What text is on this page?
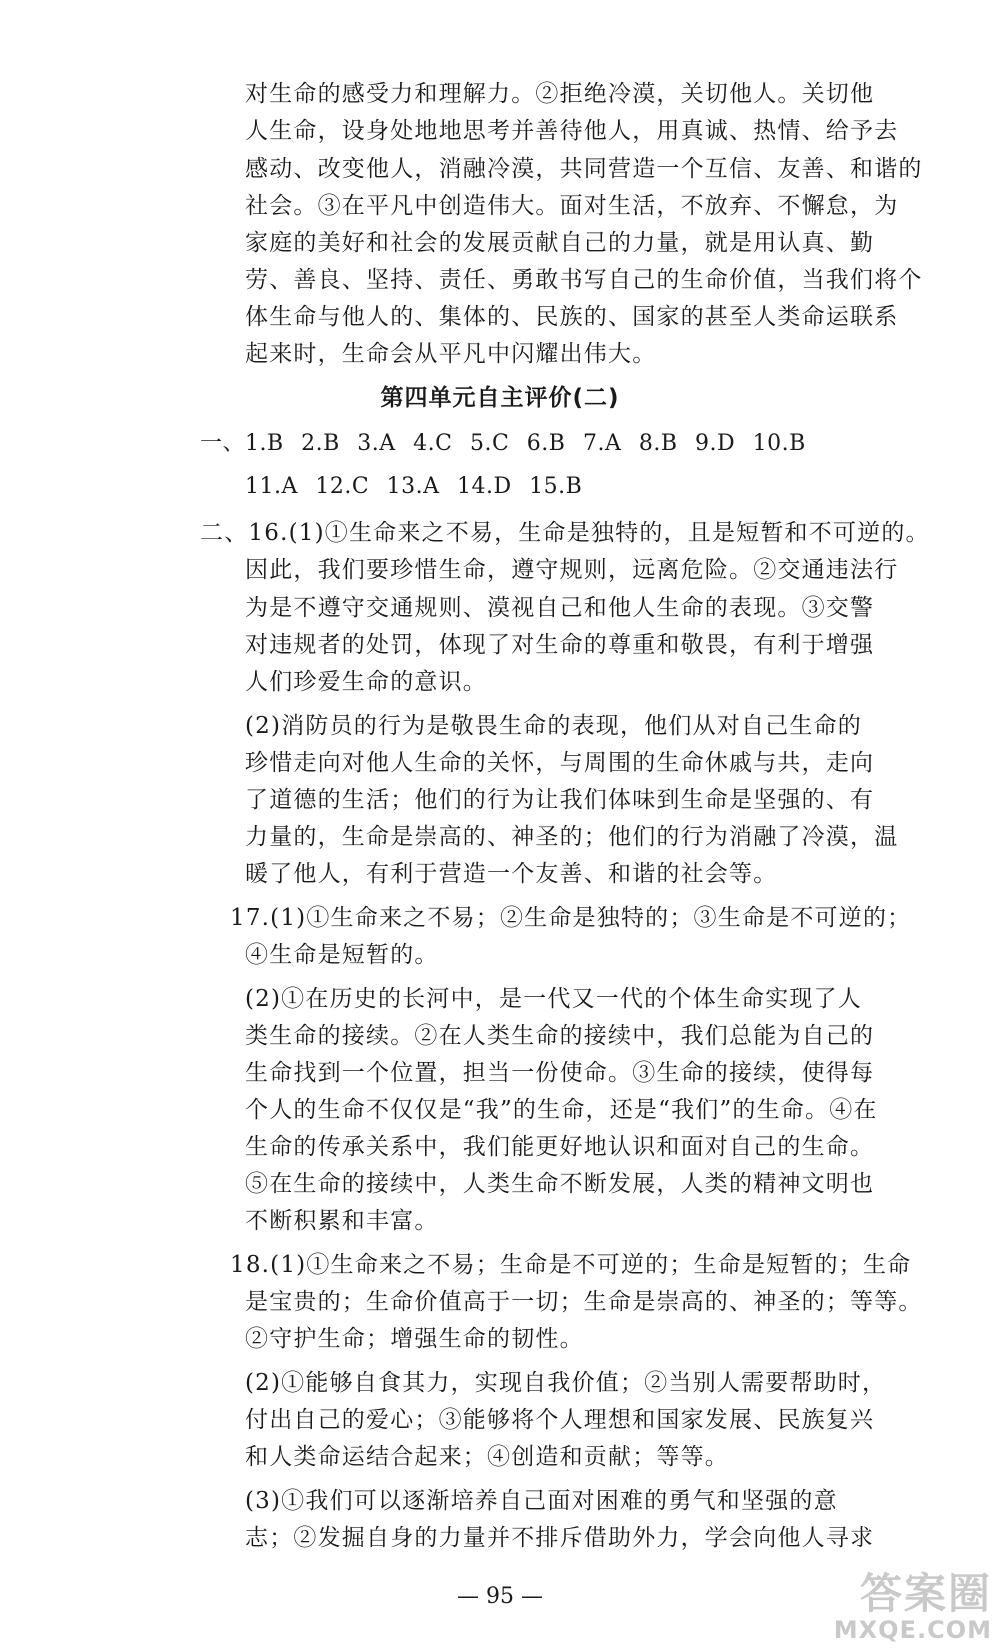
对生命的感受力和理解力。②拒绝冷漠，关切他人。关切他
人生命，设身处地地思考并善待他人，用真诚、热情、给予去
感动、改变他人，消融冷漠，共同营造一个互信、友善、和谐的
社会。③在平凡中创造伟大。面对生活，不放弃、不懈怠，为
家庭的美好和社会的发展贡献自己的力量，就是用认真、勤
劳、善良、坚持、责任、勇敢书写自己的生命价值，当我们将个
体生命与他人的、集体的、民族的、国家的甚至人类命运联系
起来时，生命会从平凡中闪耀出伟大。
第四单元自主评价(二)
一、1.B 2.B 3.A 4.C 5.C 6.B 7.A 8.B 9.D 10.B
11.A 12.C 13.A 14.D 15.B
二、16.(1)①生命来之不易，生命是独特的，且是短暂和不可逆的。
因此，我们要珍惜生命，遵守规则，远离危险。②交通违法行
为是不遵守交通规则、漠视自己和他人生命的表现。③交警
对违规者的处罚，体现了对生命的尊重和敬畏，有利于增强
人们珍爱生命的意识。
(2)消防员的行为是敬畏生命的表现，他们从对自己生命的
珍惜走向对他人生命的关怀，与周围的生命休戚与共，走向
了道德的生活；他们的行为让我们体味到生命是坚强的、有
力量的，生命是崇高的、神圣的；他们的行为消融了冷漠，温
暖了他人，有利于营造一个友善、和谐的社会等。
17.(1)①生命来之不易；②生命是独特的；③生命是不可逆的；
④生命是短暂的。
(2)①在历史的长河中，是一代又一代的个体生命实现了人
类生命的接续。②在人类生命的接续中，我们总能为自己的
生命找到一个位置，担当一份使命。③生命的接续，使得每
个人的生命不仅仅是“我”的生命，还是“我们”的生命。④在
生命的传承关系中，我们能更好地认识和面对自己的生命。
⑤在生命的接续中，人类生命不断发展，人类的精神文明也
不断积累和丰富。
18.(1)①生命来之不易；生命是不可逆的；生命是短暂的；生命
是宝贵的；生命价值高于一切；生命是崇高的、神圣的；等等。
②守护生命；增强生命的韧性。
(2)①能够自食其力，实现自我价值；②当别人需要帮助时，
付出自己的爱心；③能够将个人理想和国家发展、民族复兴
和人类命运结合起来；④创造和贡献；等等。
(3)①我们可以逐渐培养自己面对困难的勇气和坚强的意
志；②发掘自身的力量并不排斥借助外力，学会向他人寻求
— 95 —	答案圈
MXQE.COM
